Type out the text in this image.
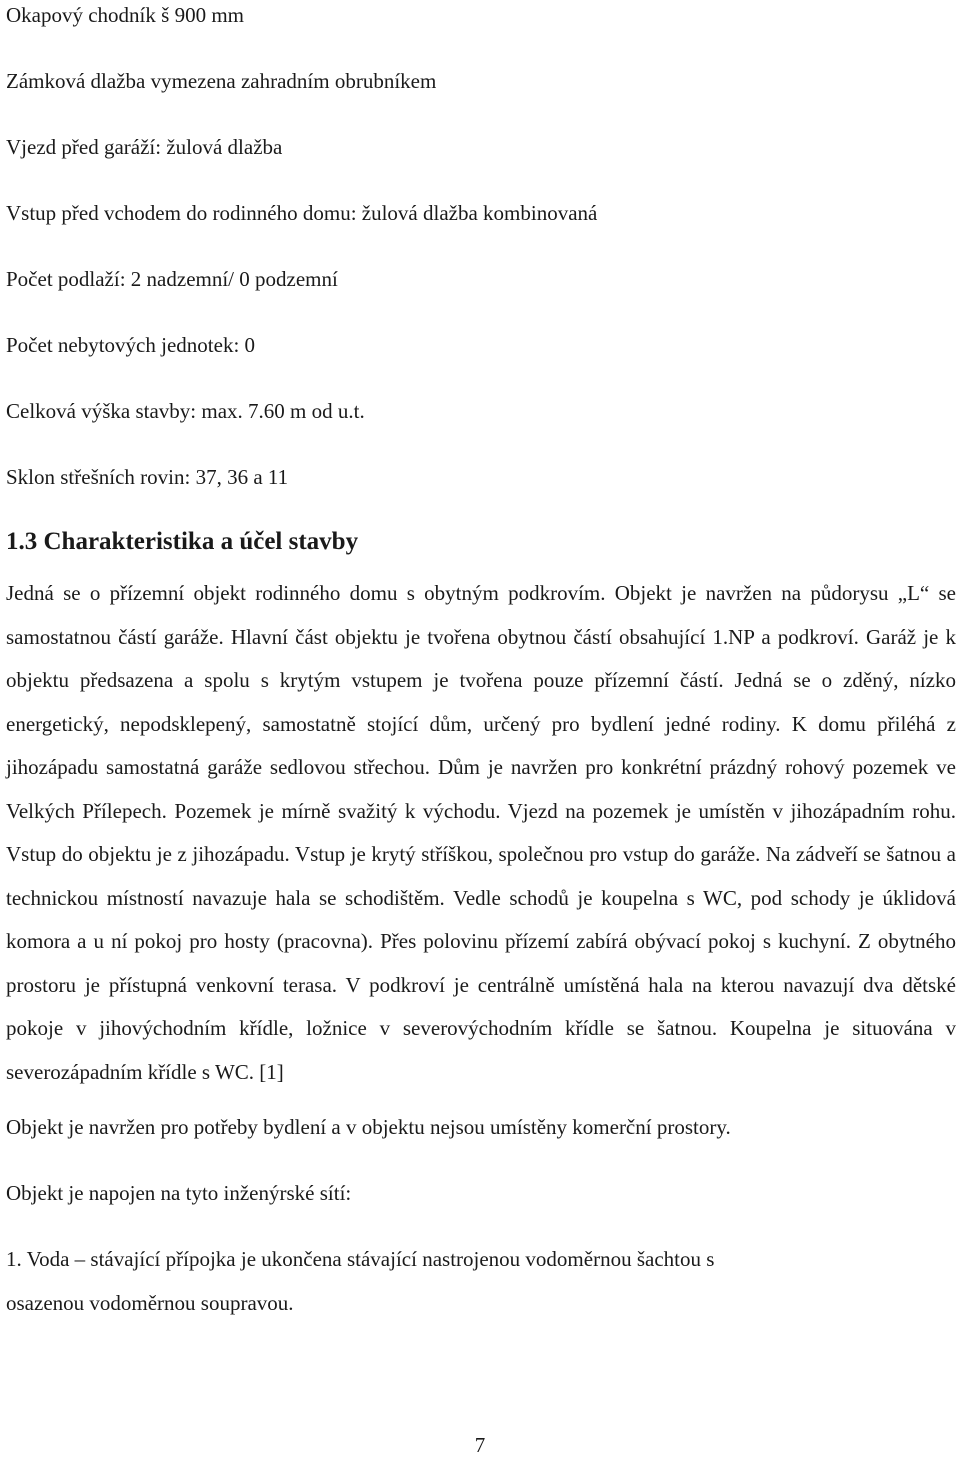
Okapový chodník š 900 mm

Zámková dlažba vymezena zahradním obrubníkem

Vjezd před garáží: žulová dlažba

Vstup před vchodem do rodinného domu: žulová dlažba kombinovaná

Počet podlaží: 2 nadzemní/ 0 podzemní

Počet nebytových jednotek: 0

Celková výška stavby: max. 7.60 m od u.t.

Sklon střešních rovin: 37, 36 a 11

1.3 Charakteristika a účel stavby

Jedná se o přízemní objekt rodinného domu s obytným podkrovím. Objekt je navržen na půdorysu „L“ se samostatnou částí garáže. Hlavní část objektu je tvořena obytnou částí obsahující 1.NP a podkroví. Garáž je k objektu předsazena a spolu s krytým vstupem je tvořena pouze přízemní částí. Jedná se o zděný, nízko energetický, nepodsklepený, samostatně stojící dům, určený pro bydlení jedné rodiny. K domu přiléhá z jihozápadu samostatná garáže sedlovou střechou. Dům je navržen pro konkrétní prázdný rohový pozemek ve Velkých Přílepech. Pozemek je mírně svažitý k východu. Vjezd na pozemek je umístěn v jihozápadním rohu. Vstup do objektu je z jihozápadu. Vstup je krytý stříškou, společnou pro vstup do garáže. Na zádveří se šatnou a technickou místností navazuje hala se schodištěm. Vedle schodů je koupelna s WC, pod schody je úklidová komora a u ní pokoj pro hosty (pracovna). Přes polovinu přízemí zabírá obývací pokoj s kuchyní. Z obytného prostoru je přístupná venkovní terasa. V podkroví je centrálně umístěná hala na kterou navazují dva dětské pokoje v jihovýchodním křídle, ložnice v severovýchodním křídle se šatnou. Koupelna je situována v severozápadním křídle s WC. [1]

Objekt je navržen pro potřeby bydlení a v objektu nejsou umístěny komerční prostory.

Objekt je napojen na tyto inženýrské sítí:

1. Voda – stávající přípojka je ukončena stávající nastrojenou vodoměrnou šachtou s

osazenou vodoměrnou soupravou.

7
